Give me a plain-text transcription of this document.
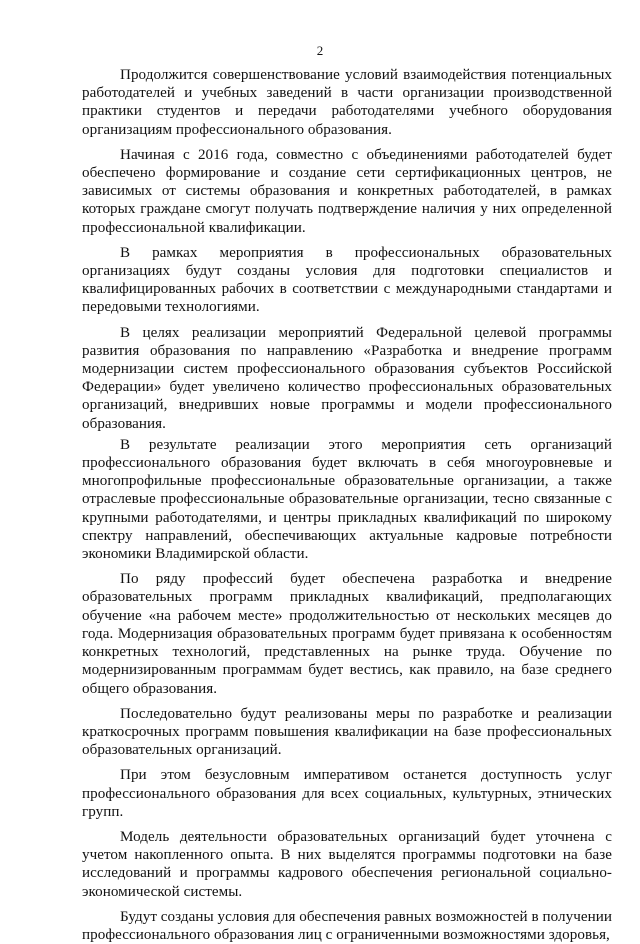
2

Продолжится совершенствование условий взаимодействия потенциальных работодателей и учебных заведений в части организации производственной практики студентов и передачи работодателями учебного оборудования организациям профессионального образования.

Начиная с 2016 года, совместно с объединениями работодателей будет обеспечено формирование и создание сети сертификационных центров, не зависимых от системы образования и конкретных работодателей, в рамках которых граждане смогут получать подтверждение наличия у них определенной профессиональной квалификации.

В рамках мероприятия в профессиональных образовательных организациях будут созданы условия для подготовки специалистов и квалифицированных рабочих в соответствии с международными стандартами и передовыми технологиями.

В целях реализации мероприятий Федеральной целевой программы развития образования по направлению «Разработка и внедрение программ модернизации систем профессионального образования субъектов Российской Федерации» будет увеличено количество профессиональных образовательных организаций, внедривших новые программы и модели профессионального образования.

В результате реализации этого мероприятия сеть организаций профессионального образования будет включать в себя многоуровневые и многопрофильные профессиональные образовательные организации, а также отраслевые профессиональные образовательные организации, тесно связанные с крупными работодателями, и центры прикладных квалификаций по широкому спектру направлений, обеспечивающих актуальные кадровые потребности экономики Владимирской области.

По ряду профессий будет обеспечена разработка и внедрение образовательных программ прикладных квалификаций, предполагающих обучение «на рабочем месте» продолжительностью от нескольких месяцев до года. Модернизация образовательных программ будет привязана к особенностям конкретных технологий, представленных на рынке труда. Обучение по модернизированным программам будет вестись, как правило, на базе среднего общего образования.

Последовательно будут реализованы меры по разработке и реализации краткосрочных программ повышения квалификации на базе профессиональных образовательных организаций.

При этом безусловным императивом останется доступность услуг профессионального образования для всех социальных, культурных, этнических групп.

Модель деятельности образовательных организаций будет уточнена с учетом накопленного опыта. В них выделятся программы подготовки на базе исследований и программы кадрового обеспечения региональной социально-экономической системы.

Будут созданы условия для обеспечения равных возможностей в получении профессионального образования лиц с ограниченными возможностями здоровья,
